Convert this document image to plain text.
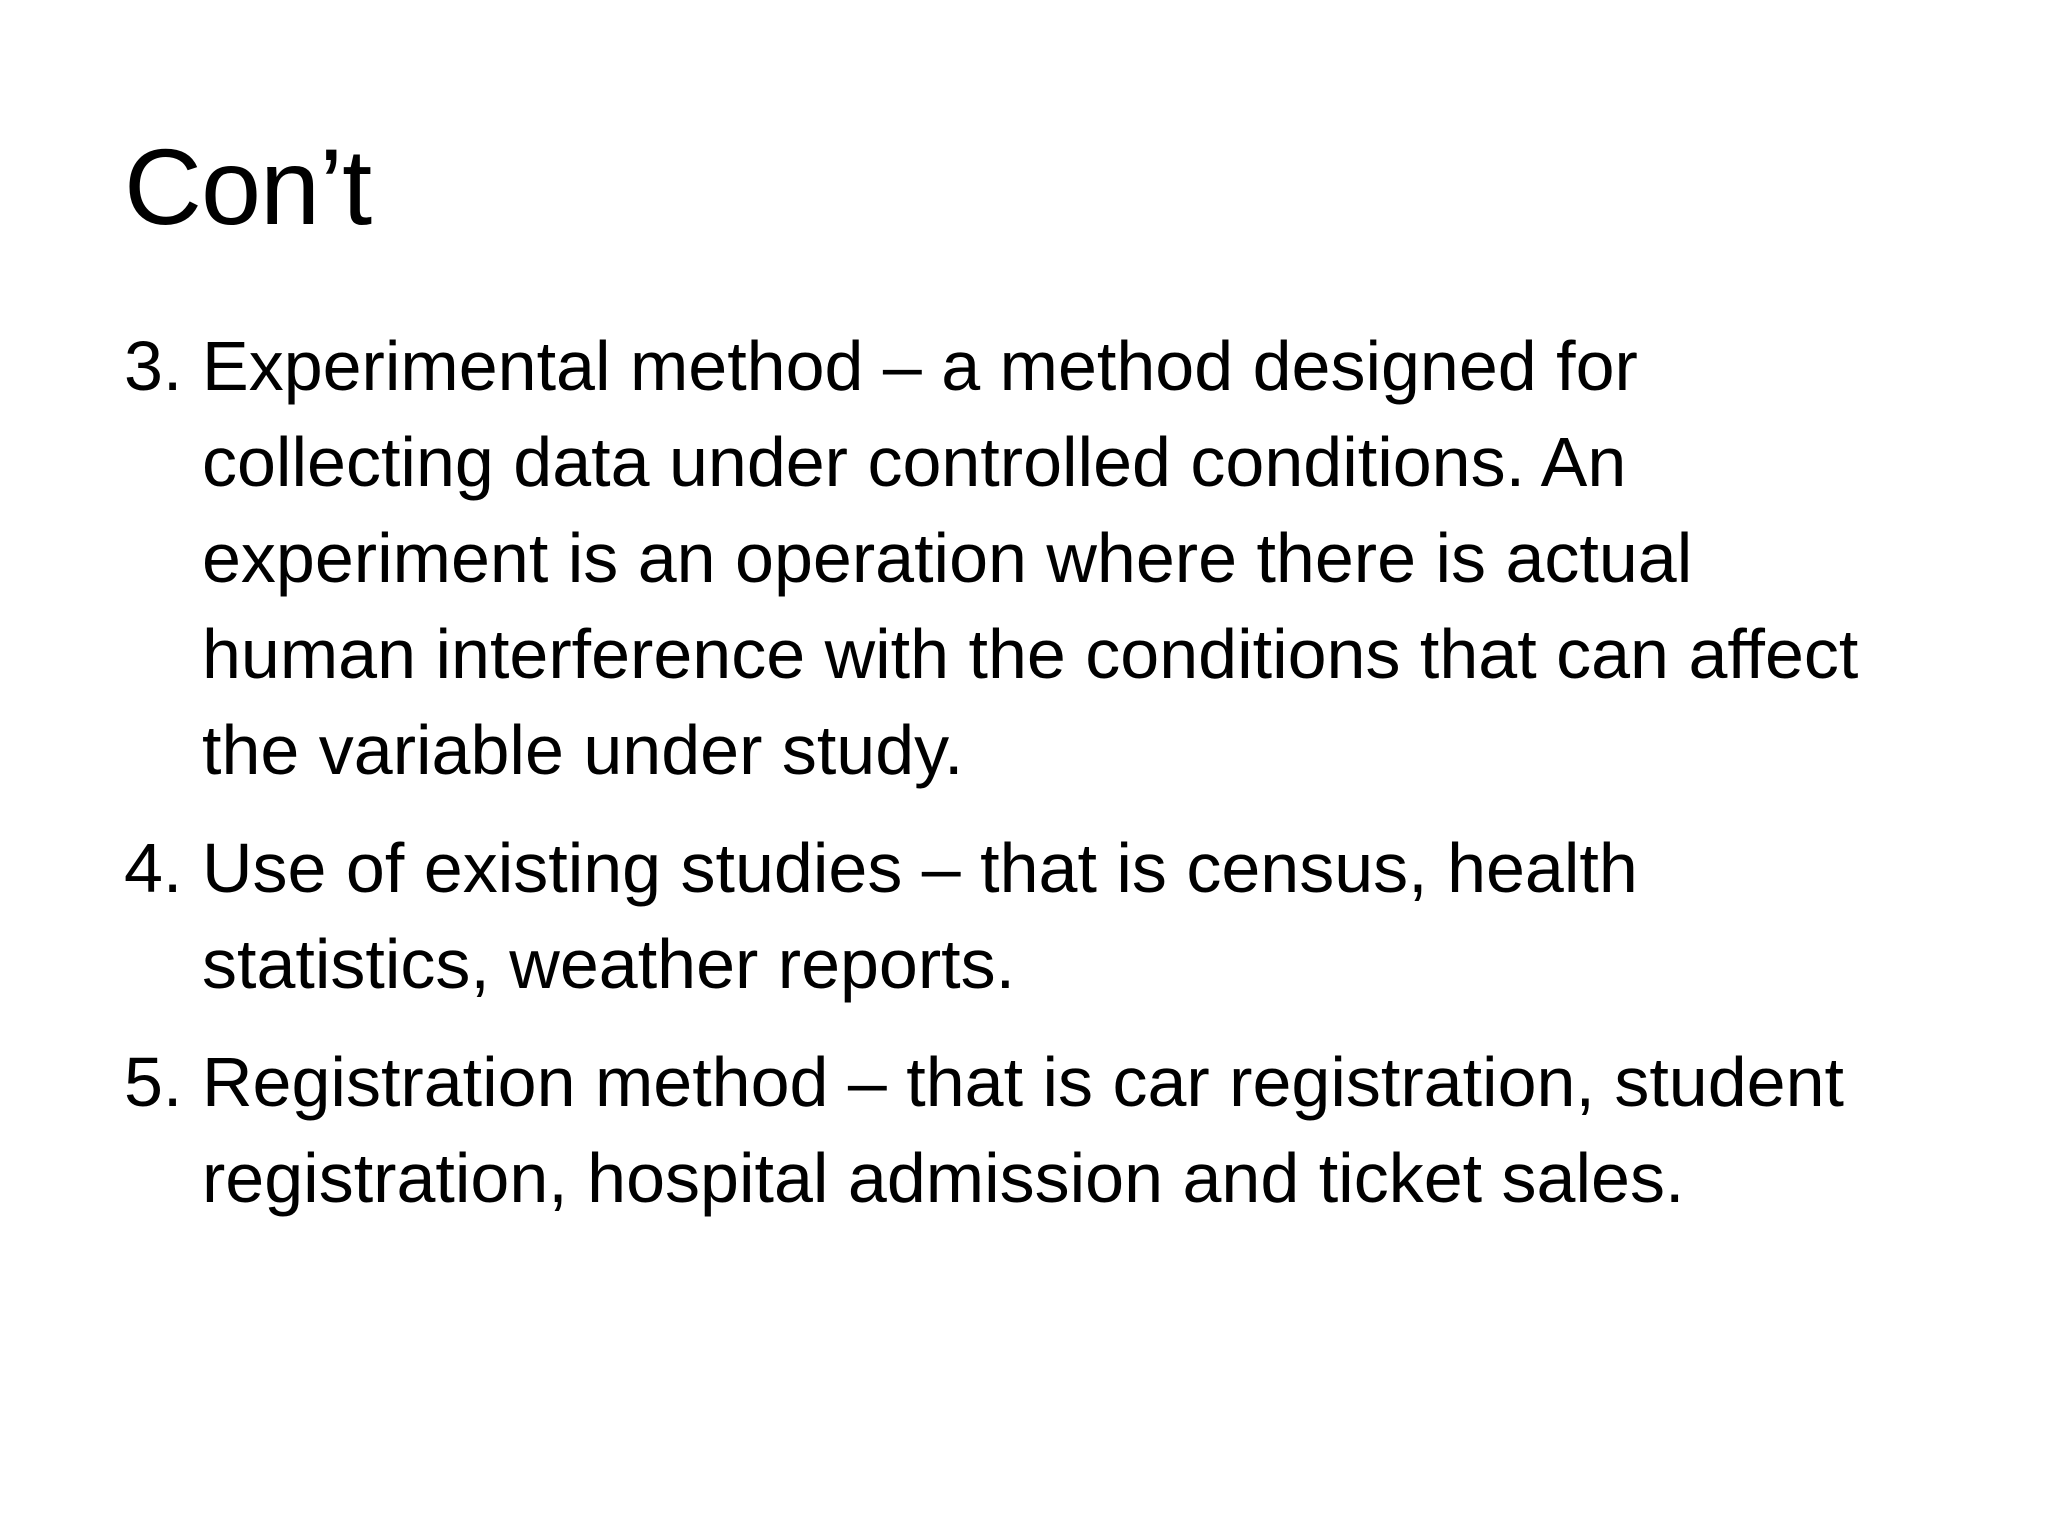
Con’t
3. Experimental method – a method designed for collecting data under controlled conditions. An experiment is an operation where there is actual human interference with the conditions that can affect the variable under study.
4. Use of existing studies – that is census, health statistics, weather reports.
5. Registration method – that is car registration, student registration, hospital admission and ticket sales.
